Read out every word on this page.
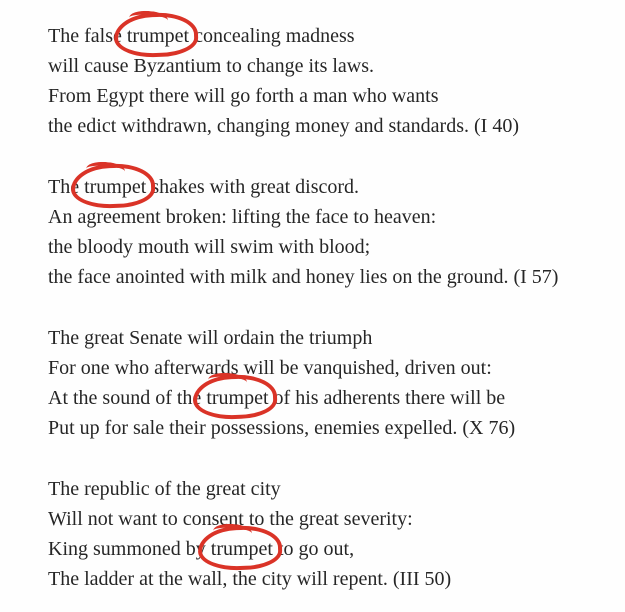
The false trumpet concealing madness
will cause Byzantium to change its laws.
From Egypt there will go forth a man who wants
the edict withdrawn, changing money and standards. (I 40)
The trumpet shakes with great discord.
An agreement broken: lifting the face to heaven:
the bloody mouth will swim with blood;
the face anointed with milk and honey lies on the ground. (I 57)
The great Senate will ordain the triumph
For one who afterwards will be vanquished, driven out:
At the sound of the trumpet of his adherents there will be
Put up for sale their possessions, enemies expelled. (X 76)
The republic of the great city
Will not want to consent to the great severity:
King summoned by trumpet to go out,
The ladder at the wall, the city will repent. (III 50)
